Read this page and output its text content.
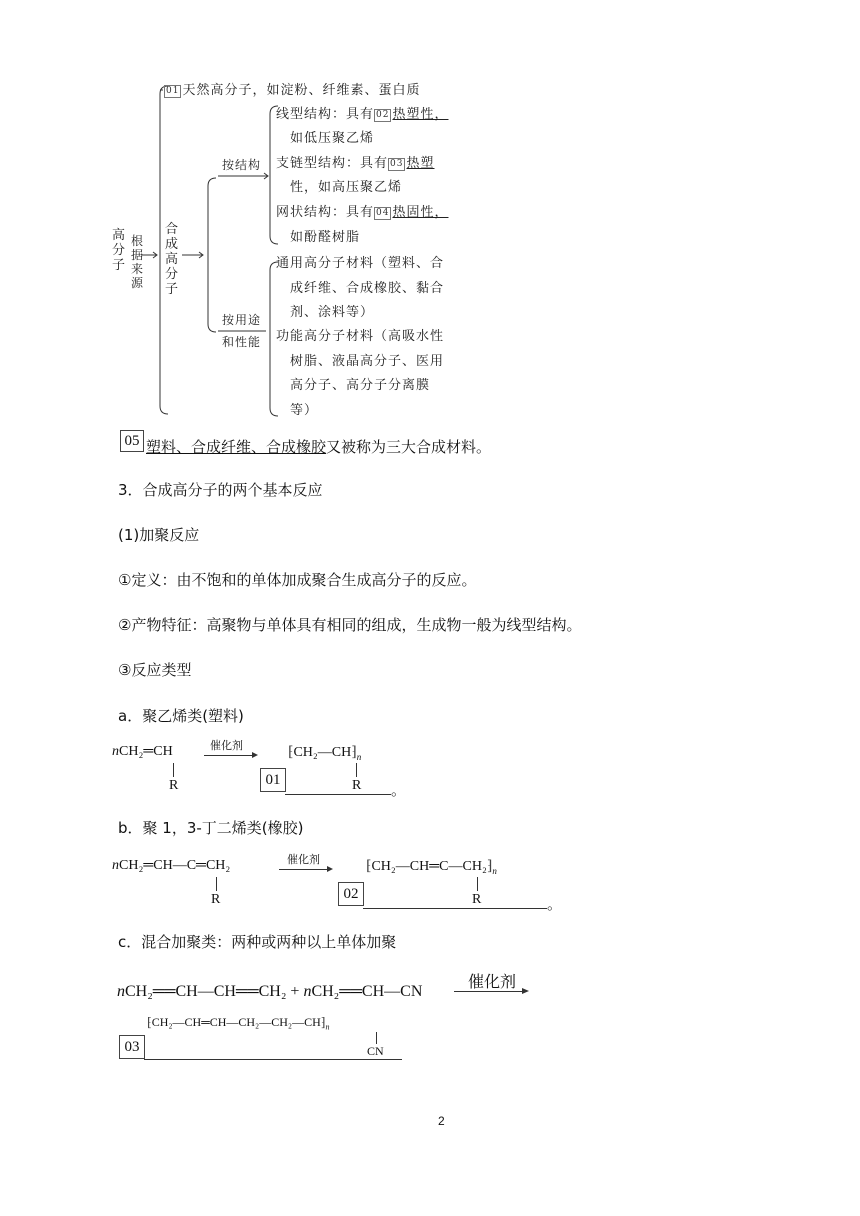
高分子
根据来源
合成高分子
01 天然高分子，如淀粉、纤维素、蛋白质
按结构
线型结构：具有 02 热塑性，
如低压聚乙烯
支链型结构：具有 03 热塑
性，如高压聚乙烯
网状结构：具有 04 热固性，
如酚醛树脂
按用途
和性能
通用高分子材料（塑料、合
成纤维、合成橡胶、黏合
剂、涂料等）
功能高分子材料（高吸水性
树脂、液晶高分子、医用
高分子、高分子分离膜
等）
05 塑料、合成纤维、合成橡胶又被称为三大合成材料。
3．合成高分子的两个基本反应
(1)加聚反应
①定义：由不饱和的单体加成聚合生成高分子的反应。
②产物特征：高聚物与单体具有相同的组成，生成物一般为线型结构。
③反应类型
a．聚乙烯类(塑料)
nCH₂═CH
R
催化剂	$⁅CH_2—CH⁆_n$
R
01
。
b．聚 1，3-丁二烯类(橡胶)
nCH₂═CH—C═CH₂
R
催化剂	$⁅CH_2—CH═C—CH_2⁆_n$
R
02
。
c．混合加聚类：两种或两种以上单体加聚
nCH₂══CH—CH══CH₂ + nCH₂══CH—CN
催化剂
$⁅CH_2—CH═CH—CH_2—CH_2—CH⁆_n$
CN
03
2
